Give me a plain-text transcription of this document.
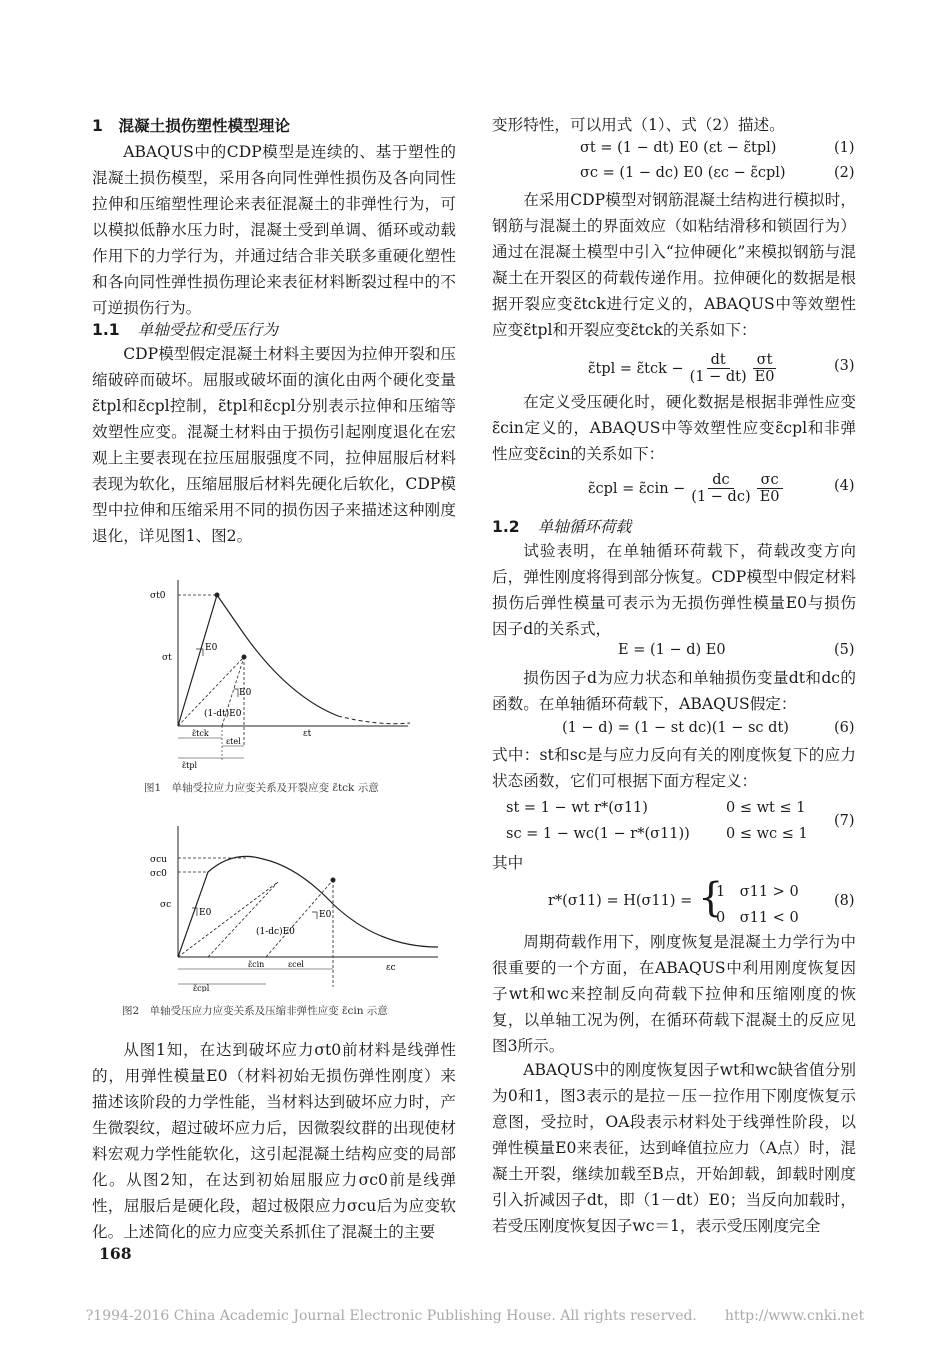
1　混凝土损伤塑性模型理论
ABAQUS中的CDP模型是连续的、基于塑性的混凝土损伤模型，采用各向同性弹性损伤及各向同性拉伸和压缩塑性理论来表征混凝土的非弹性行为，可以模拟低静水压力时，混凝土受到单调、循环或动载作用下的力学行为，并通过结合非关联多重硬化塑性和各向同性弹性损伤理论来表征材料断裂过程中的不可逆损伤行为。
1.1 单轴受拉和受压行为
CDP模型假定混凝土材料主要因为拉伸开裂和压缩破碎而破坏。屈服或破坏面的演化由两个硬化变量ε̃tpl和ε̃cpl控制，ε̃tpl和ε̃cpl分别表示拉伸和压缩等效塑性应变。混凝土材料由于损伤引起刚度退化在宏观上主要表现在拉压屈服强度不同，拉伸屈服后材料表现为软化，压缩屈服后材料先硬化后软化，CDP模型中拉伸和压缩采用不同的损伤因子来描述这种刚度退化，详见图1、图2。
σt0
σt
E0
E0
(1-dt)E0
εt
ε̃tck
εtel
ε̃tpl
图1　单轴受拉应力应变关系及开裂应变 ε̃tck 示意
σcu
σc0
σc
E0	E0
(1-dc)E0
εc
ε̃cin	εcel
ε̃cpl
图2　单轴受压应力应变关系及压缩非弹性应变 ε̃cin 示意
从图1知，在达到破坏应力σt0前材料是线弹性的，用弹性模量E0（材料初始无损伤弹性刚度）来描述该阶段的力学性能，当材料达到破坏应力时，产生微裂纹，超过破坏应力后，因微裂纹群的出现使材料宏观力学性能软化，这引起混凝土结构应变的局部化。从图2知，在达到初始屈服应力σc0前是线弹性，屈服后是硬化段，超过极限应力σcu后为应变软化。上述简化的应力应变关系抓住了混凝土的主要
168
变形特性，可以用式（1）、式（2）描述。
σt = (1 − dt) E0 (εt − ε̃tpl)	(1)
σc = (1 − dc) E0 (εc − ε̃cpl)	(2)
在采用CDP模型对钢筋混凝土结构进行模拟时，钢筋与混凝土的界面效应（如粘结滑移和锁固行为）通过在混凝土模型中引入“拉伸硬化”来模拟钢筋与混凝土在开裂区的荷载传递作用。拉伸硬化的数据是根据开裂应变ε̃tck进行定义的，ABAQUS中等效塑性应变ε̃tpl和开裂应变ε̃tck的关系如下：
ε̃tpl = ε̃tck − $\frac{dt}{(1 - dt)}$ σt
E0
(3)
在定义受压硬化时，硬化数据是根据非弹性应变ε̃cin定义的，ABAQUS中等效塑性应变ε̃cpl和非弹性应变ε̃cin的关系如下：
ε̃cpl = ε̃cin − $\frac{dc}{(1 - dc)}$ σc
E0
(4)
1.2 单轴循环荷载
试验表明，在单轴循环荷载下，荷载改变方向后，弹性刚度将得到部分恢复。CDP模型中假定材料损伤后弹性模量可表示为无损伤弹性模量E0与损伤因子d的关系式，
E = (1 − d) E0	(5)
损伤因子d为应力状态和单轴损伤变量dt和dc的函数。在单轴循环荷载下，ABAQUS假定：
(1 − d) = (1 − st dc)(1 − sc dt)	(6)
式中：st和sc是与应力反向有关的刚度恢复下的应力状态函数，它们可根据下面方程定义：
st = 1 − wt r*(σ11)	0 ≤ wt ≤ 1
sc = 1 − wc(1 − r*(σ11)) 0 ≤ wc ≤ 1
(7)
其中
r*(σ11) = H(σ11) = {
1　σ11 > 0
0　σ11 < 0
(8)
周期荷载作用下，刚度恢复是混凝土力学行为中很重要的一个方面，在ABAQUS中利用刚度恢复因子wt和wc来控制反向荷载下拉伸和压缩刚度的恢复，以单轴工况为例，在循环荷载下混凝土的反应见图3所示。
ABAQUS中的刚度恢复因子wt和wc缺省值分别为0和1，图3表示的是拉－压－拉作用下刚度恢复示意图，受拉时，OA段表示材料处于线弹性阶段，以弹性模量E0来表征，达到峰值拉应力（A点）时，混凝土开裂，继续加载至B点，开始卸载，卸载时刚度引入折减因子dt，即（1－dt）E0；当反向加载时，若受压刚度恢复因子wc＝1，表示受压刚度完全
?1994-2016 China Academic Journal Electronic Publishing House. All rights reserved.　　http://www.cnki.net
